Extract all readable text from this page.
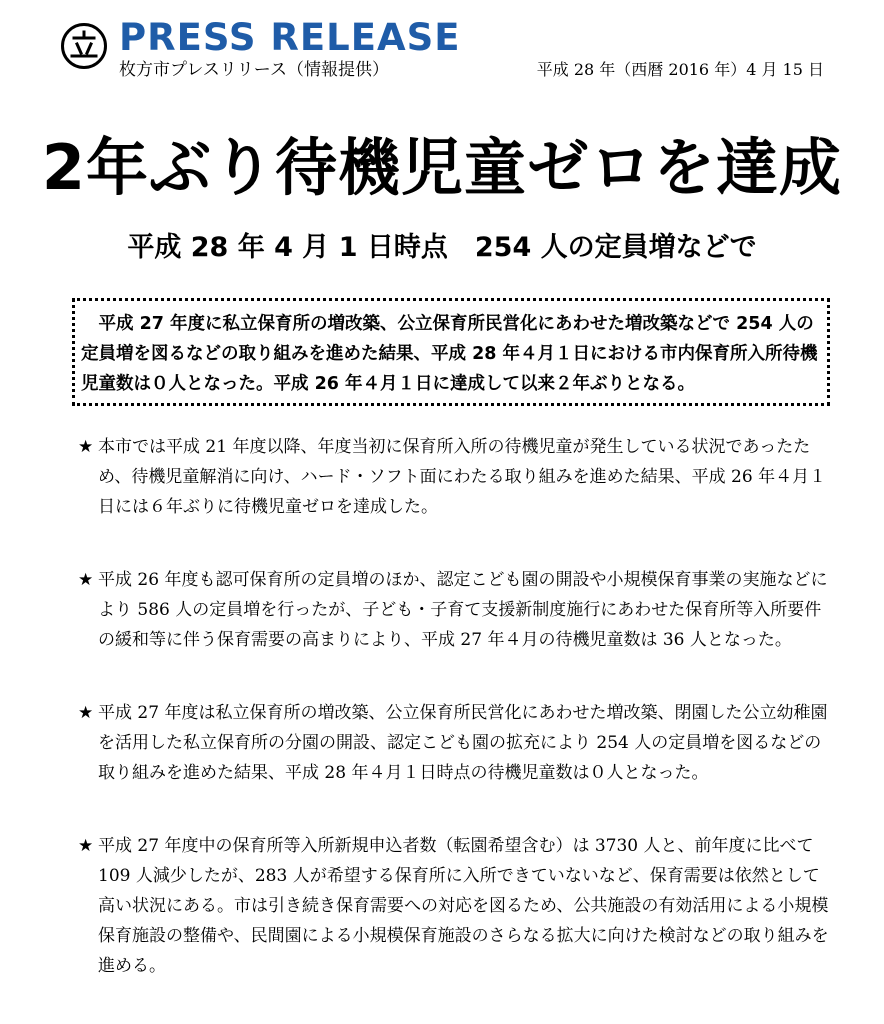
PRESS RELEASE
枚方市プレスリリース（情報提供）	平成 28 年（西暦 2016 年）4 月 15 日
2年ぶり待機児童ゼロを達成
平成 28 年 4 月 1 日時点　254 人の定員増などで

平成 27 年度に私立保育所の増改築、公立保育所民営化にあわせた増改築などで 254 人の定員増を図るなどの取り組みを進めた結果、平成 28 年４月１日における市内保育所入所待機児童数は０人となった。平成 26 年４月１日に達成して以来２年ぶりとなる。

★ 本市では平成 21 年度以降、年度当初に保育所入所の待機児童が発生している状況であったため、待機児童解消に向け、ハード・ソフト面にわたる取り組みを進めた結果、平成 26 年４月１日には６年ぶりに待機児童ゼロを達成した。

★ 平成 26 年度も認可保育所の定員増のほか、認定こども園の開設や小規模保育事業の実施などにより 586 人の定員増を行ったが、子ども・子育て支援新制度施行にあわせた保育所等入所要件の緩和等に伴う保育需要の高まりにより、平成 27 年４月の待機児童数は 36 人となった。

★ 平成 27 年度は私立保育所の増改築、公立保育所民営化にあわせた増改築、閉園した公立幼稚園を活用した私立保育所の分園の開設、認定こども園の拡充により 254 人の定員増を図るなどの取り組みを進めた結果、平成 28 年４月１日時点の待機児童数は０人となった。

★ 平成 27 年度中の保育所等入所新規申込者数（転園希望含む）は 3730 人と、前年度に比べて 109 人減少したが、283 人が希望する保育所に入所できていないなど、保育需要は依然として高い状況にある。市は引き続き保育需要への対応を図るため、公共施設の有効活用による小規模保育施設の整備や、民間園による小規模保育施設のさらなる拡大に向けた検討などの取り組みを進める。
